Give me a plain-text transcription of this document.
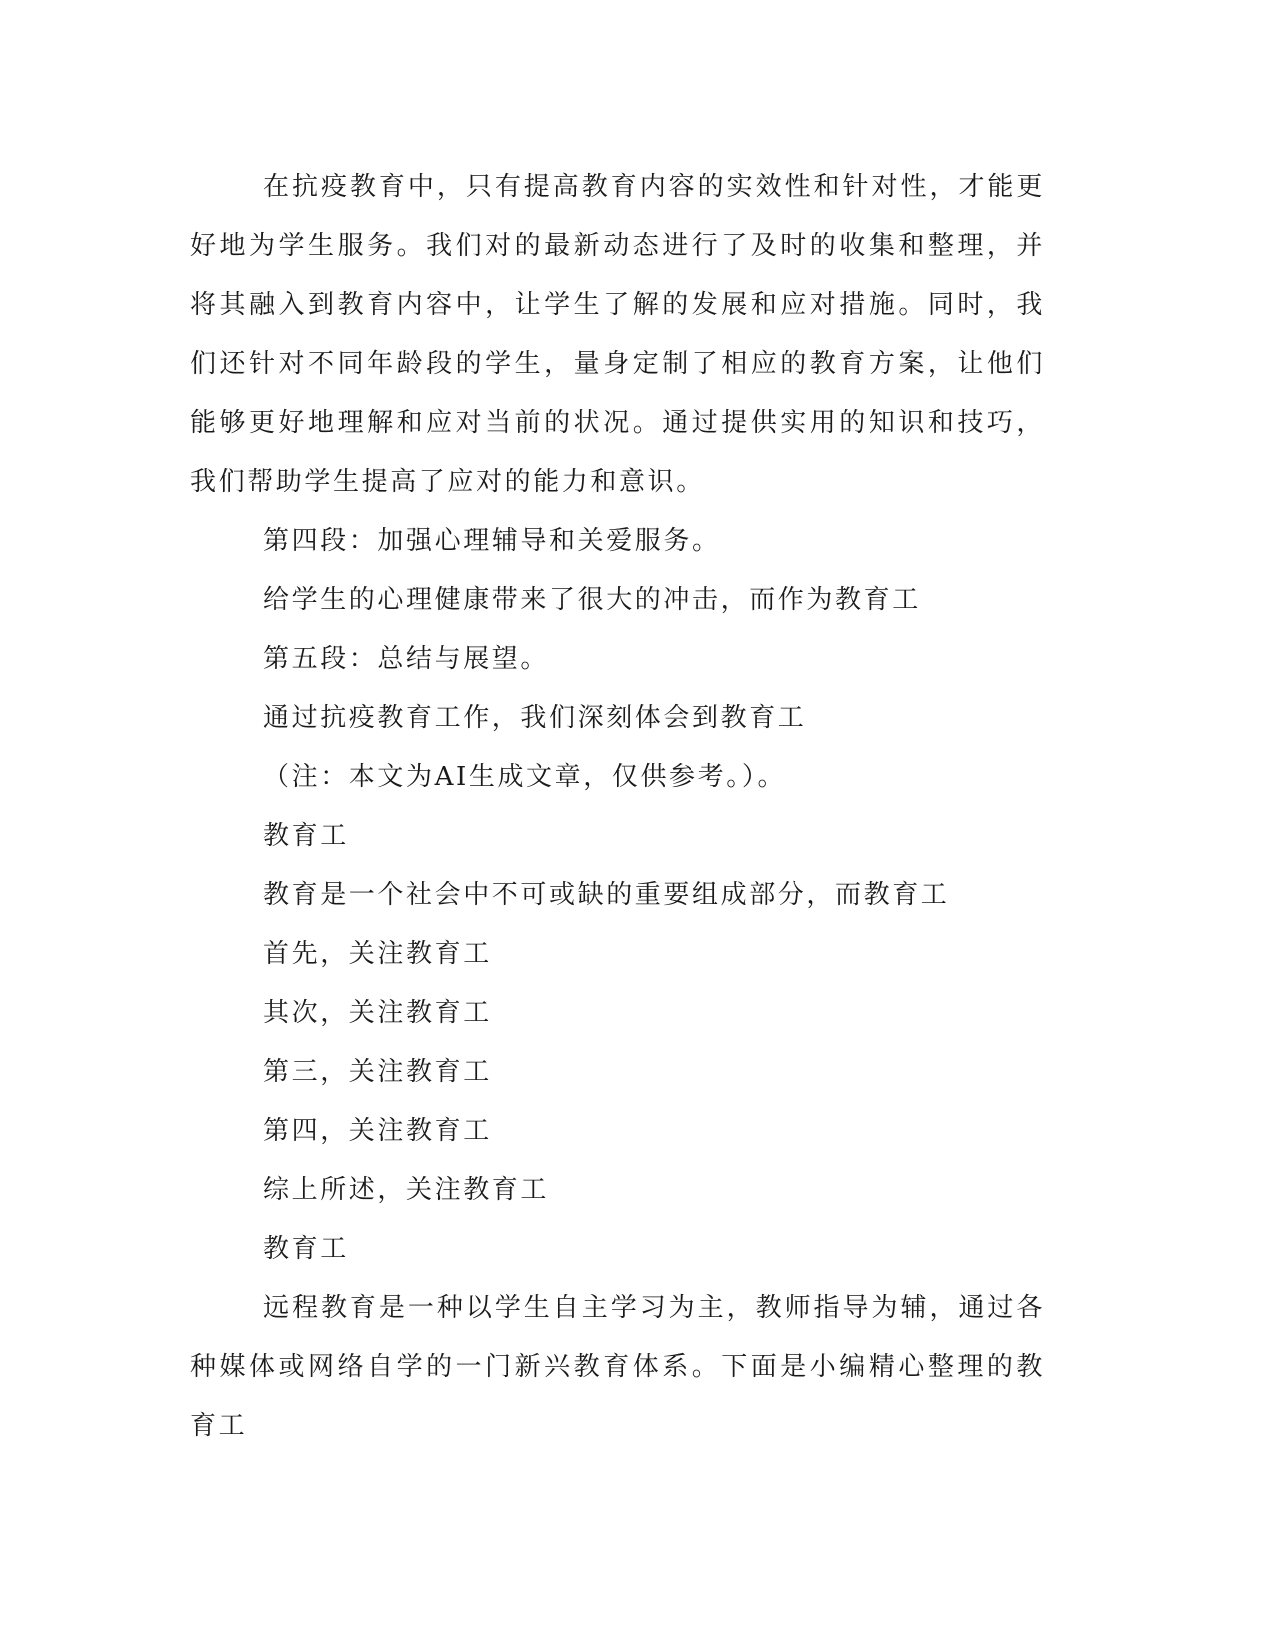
在抗疫教育中，只有提高教育内容的实效性和针对性，才能更好地为学生服务。我们对的最新动态进行了及时的收集和整理，并将其融入到教育内容中，让学生了解的发展和应对措施。同时，我们还针对不同年龄段的学生，量身定制了相应的教育方案，让他们能够更好地理解和应对当前的状况。通过提供实用的知识和技巧，我们帮助学生提高了应对的能力和意识。

第四段：加强心理辅导和关爱服务。

给学生的心理健康带来了很大的冲击，而作为教育工

第五段：总结与展望。

通过抗疫教育工作，我们深刻体会到教育工

（注：本文为AI生成文章，仅供参考。）。

教育工

教育是一个社会中不可或缺的重要组成部分，而教育工

首先，关注教育工

其次，关注教育工

第三，关注教育工

第四，关注教育工

综上所述，关注教育工

教育工

远程教育是一种以学生自主学习为主，教师指导为辅，通过各种媒体或网络自学的一门新兴教育体系。下面是小编精心整理的教育工
